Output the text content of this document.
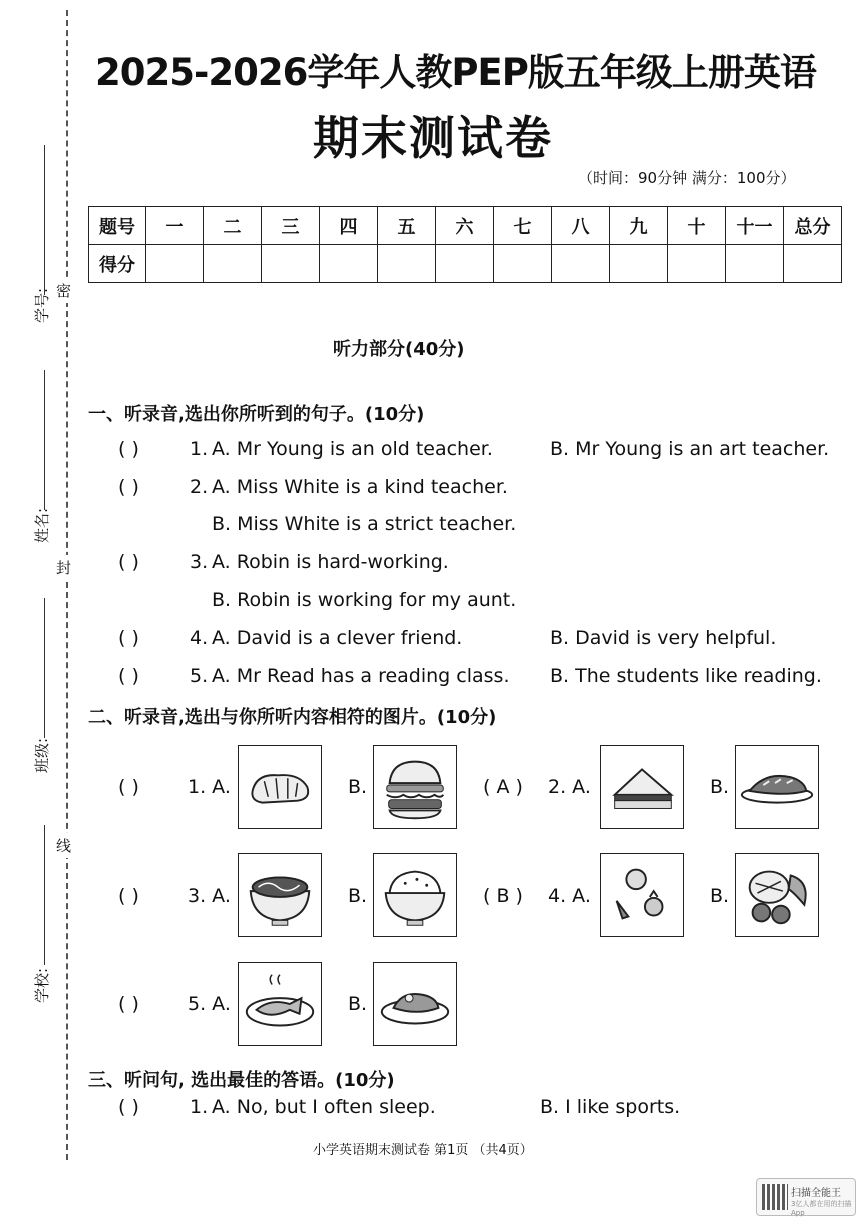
学号:
姓名:
班级:
学校:
密
封
线
2025-2026学年人教PEP版五年级上册英语
期末测试卷
（时间：90分钟 满分：100分）
题号	一	二	三	四	五	六	七	八	九	十	十一	总分
得分												
听力部分(40分)
一、听录音,选出你所听到的句子。(10分)
( )	1. A. Mr Young is an old teacher.	B. Mr Young is an art teacher.
( )	2. A. Miss White is a kind teacher.
B. Miss White is a strict teacher.
( )	3. A. Robin is hard-working.
B. Robin is working for my aunt.
( )	4. A. David is a clever friend.	B. David is very helpful.
( )	5. A. Mr Read has a reading class. B. The students like reading.
二、听录音,选出与你所听内容相符的图片。(10分)
( )	1. A.	B.	( A ) 2. A.	B.
( )	3. A.	B.	( B ) 4. A.	B.
( )	5. A.	B.
三、听问句, 选出最佳的答语。(10分)
( )	1. A. No, but I often sleep.	B. I like sports.
小学英语期末测试卷 第1页 （共4页）
扫描全能王
3亿人都在用的扫描App
